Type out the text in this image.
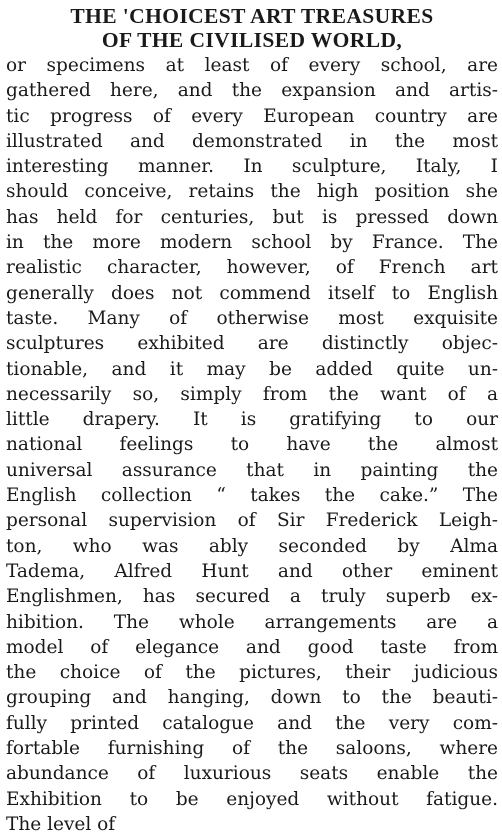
THE 'CHOICEST ART TREASURES
OF THE CIVILISED WORLD,
or specimens at least of every school, are
gathered here, and the expansion and artis-
tic progress of every European country are
illustrated and demonstrated in the most
interesting manner. In sculpture, Italy, I
should conceive, retains the high position she
has held for centuries, but is pressed down
in the more modern school by France. The
realistic character, however, of French art
generally does not commend itself to English
taste. Many of otherwise most exquisite
sculptures exhibited are distinctly objec-
tionable, and it may be added quite un-
necessarily so, simply from the want of a
little drapery. It is gratifying to our
national feelings to have the almost
universal assurance that in painting the
English collection “ takes the cake.” The
personal supervision of Sir Frederick Leigh-
ton, who was ably seconded by Alma
Tadema, Alfred Hunt and other eminent
Englishmen, has secured a truly superb ex-
hibition. The whole arrangements are a
model of elegance and good taste from
the choice of the pictures, their judicious
grouping and hanging, down to the beauti-
fully printed catalogue and the very com-
fortable furnishing of the saloons, where
abundance of luxurious seats enable the
Exhibition to be enjoyed without fatigue.
The level of
